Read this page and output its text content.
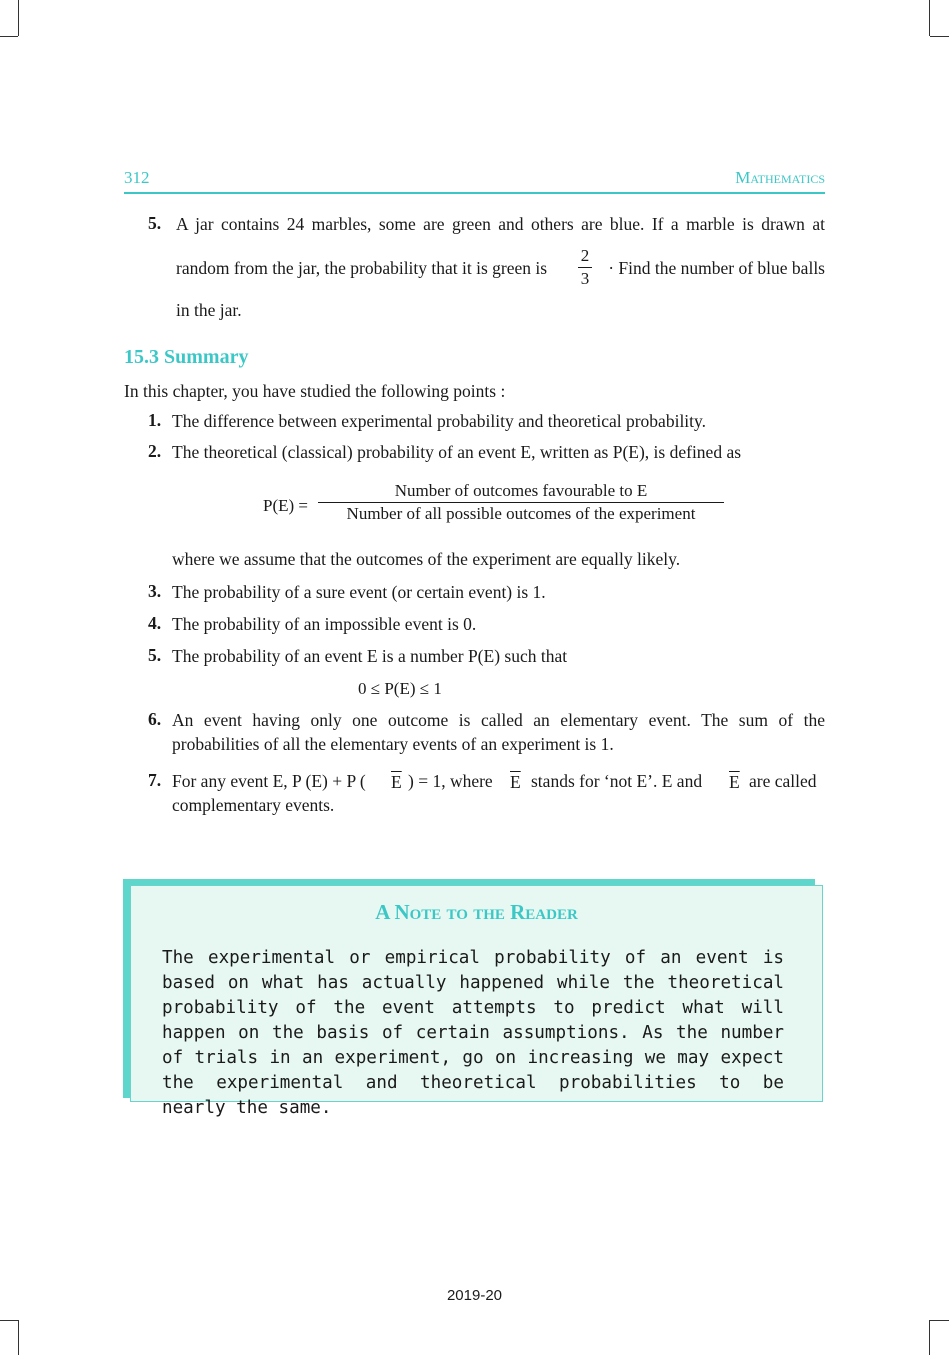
312	Mathematics
5. A jar contains 24 marbles, some are green and others are blue. If a marble is drawn at
random from the jar, the probability that it is green is
2
3
· Find the number of blue balls
in the jar.
15.3 Summary
In this chapter, you have studied the following points :
1. The difference between experimental probability and theoretical probability.
2. The theoretical (classical) probability of an event E, written as P(E), is defined as
P(E) =
Number of outcomes favourable to E
Number of all possible outcomes of the experiment
where we assume that the outcomes of the experiment are equally likely.
3. The probability of a sure event (or certain event) is 1.
4. The probability of an impossible event is 0.
5. The probability of an event E is a number P(E) such that
0 ≤ P(E) ≤ 1
6. An event having only one outcome is called an elementary event. The sum of the
probabilities of all the elementary events of an experiment is 1.
7. For any event E, P (E) + P ( $\overline{E}$ ) = 1, where $\overline{E}$ stands for ‘not E’. E and $\overline{E}$ are called
complementary events.
A Note to the Reader
The experimental or empirical probability of an event is based on what has actually happened while the theoretical probability of the event attempts to predict what will happen on the basis of certain assumptions. As the number of trials in an experiment, go on increasing we may expect the experimental and theoretical probabilities to be nearly the same.
2019-20
